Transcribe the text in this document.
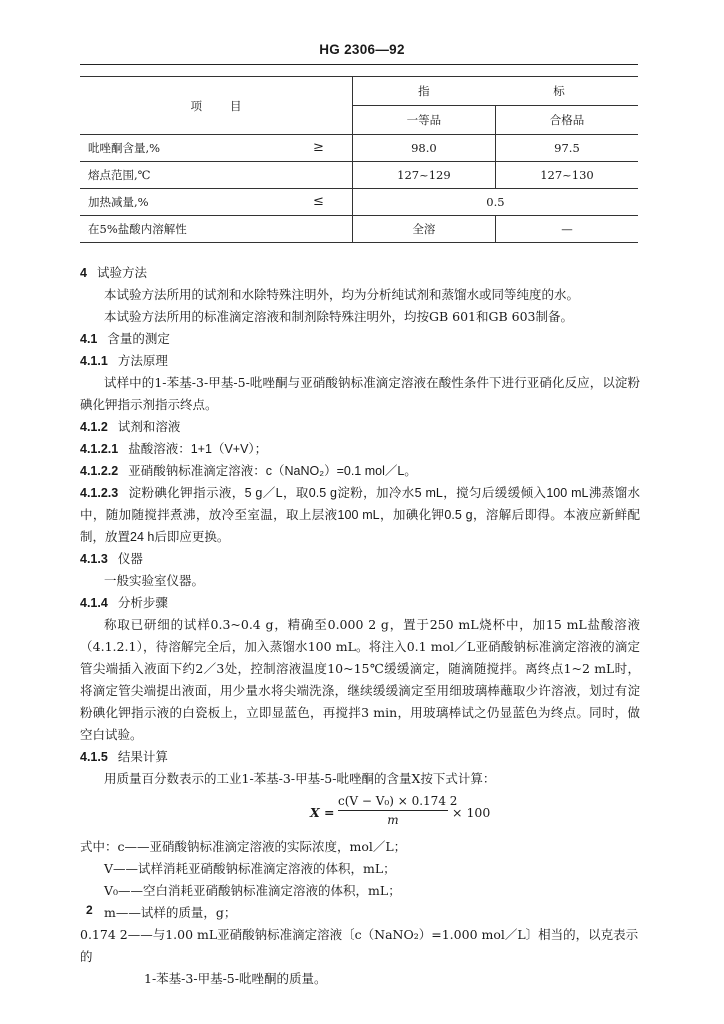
HG 2306—92
项目	指 标	
	一等品	合格品
吡唑酮含量,% ≥	98.0	97.5
熔点范围,℃	127~129	127~130
加热减量,% ≤	0.5	
在5%盐酸内溶解性	全溶	—

4 试验方法

本试验方法所用的试剂和水除特殊注明外，均为分析纯试剂和蒸馏水或同等纯度的水。

本试验方法所用的标准滴定溶液和制剂除特殊注明外，均按GB 601和GB 603制备。

4.1 含量的测定

4.1.1 方法原理

试样中的1-苯基-3-甲基-5-吡唑酮与亚硝酸钠标准滴定溶液在酸性条件下进行亚硝化反应，以淀粉碘化钾指示剂指示终点。

4.1.2 试剂和溶液

4.1.2.1 盐酸溶液：1+1（V+V）；

4.1.2.2 亚硝酸钠标准滴定溶液：c（NaNO₂）=0.1 mol／L。

4.1.2.3 淀粉碘化钾指示液，5 g／L，取0.5 g淀粉，加冷水5 mL，搅匀后缓缓倾入100 mL沸蒸馏水中，随加随搅拌煮沸，放冷至室温，取上层液100 mL，加碘化钾0.5 g，溶解后即得。本液应新鲜配制，放置24 h后即应更换。

4.1.3 仪器

一般实验室仪器。

4.1.4 分析步骤

称取已研细的试样0.3~0.4 g，精确至0.000 2 g，置于250 mL烧杯中，加15 mL盐酸溶液（4.1.2.1），待溶解完全后，加入蒸馏水100 mL。将注入0.1 mol／L亚硝酸钠标准滴定溶液的滴定管尖端插入液面下约2／3处，控制溶液温度10~15℃缓缓滴定，随滴随搅拌。离终点1~2 mL时，将滴定管尖端提出液面，用少量水将尖端洗涤，继续缓缓滴定至用细玻璃棒蘸取少许溶液，划过有淀粉碘化钾指示液的白瓷板上，立即显蓝色，再搅拌3 min，用玻璃棒试之仍显蓝色为终点。同时，做空白试验。

4.1.5 结果计算

用质量百分数表示的工业1-苯基-3-甲基-5-吡唑酮的含量X按下式计算：

$X = \frac{\text{c(V − V₀) × 0.174 2}}{m} \times 100$

式中：c——亚硝酸钠标准滴定溶液的实际浓度，mol／L；

V——试样消耗亚硝酸钠标准滴定溶液的体积，mL；

V₀——空白消耗亚硝酸钠标准滴定溶液的体积，mL；

m——试样的质量，g；

0.174 2——与1.00 mL亚硝酸钠标准滴定溶液〔c（NaNO₂）=1.000 mol／L〕相当的，以克表示的

1-苯基-3-甲基-5-吡唑酮的质量。

2
